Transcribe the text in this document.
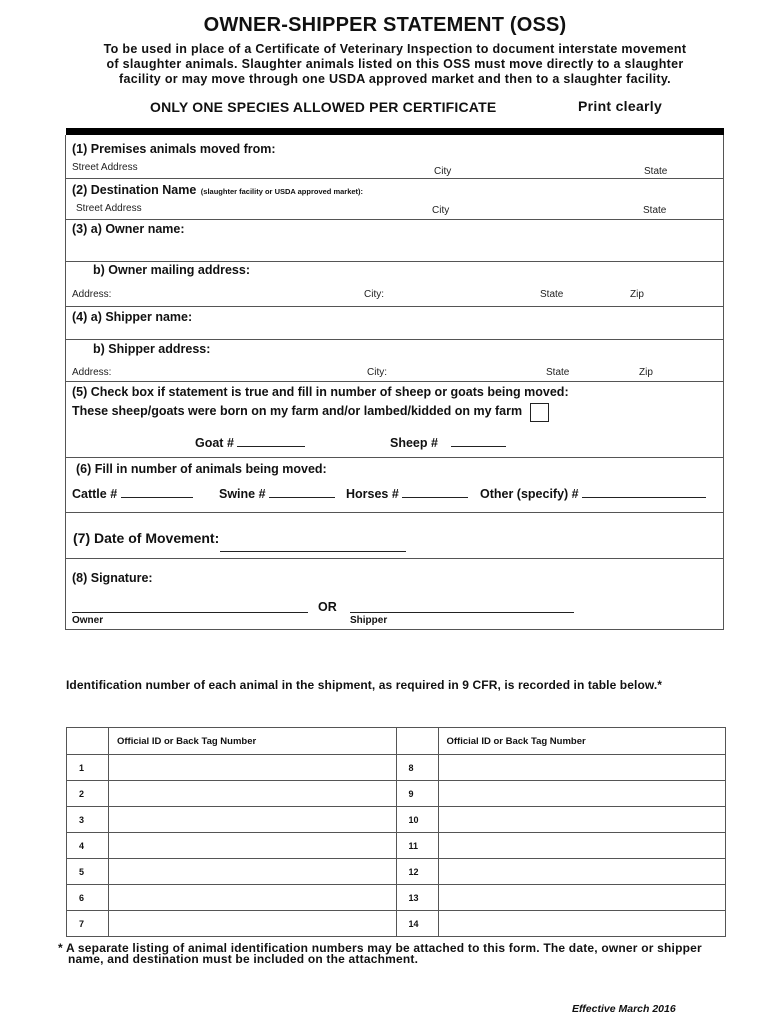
OWNER-SHIPPER STATEMENT (OSS)
To be used in place of a Certificate of Veterinary Inspection to document interstate movement
of slaughter animals. Slaughter animals listed on this OSS must move directly to a slaughter
facility or may move through one USDA approved market and then to a slaughter facility.
ONLY ONE SPECIES ALLOWED PER CERTIFICATE	Print clearly
(1) Premises animals moved from:
Street Address	City	State
(2) Destination Name (slaughter facility or USDA approved market):
Street Address	City	State
(3) a) Owner name:
b) Owner mailing address:
Address:	City:	State	Zip
(4) a) Shipper name:
b) Shipper address:
Address:	City:	State	Zip
(5) Check box if statement is true and fill in number of sheep or goats being moved:
These sheep/goats were born on my farm and/or lambed/kidded on my farm
Goat #	Sheep #
(6) Fill in number of animals being moved:
Cattle #	Swine #	Horses #	Other (specify) #
(7) Date of Movement:
(8) Signature:
OR
Owner	Shipper
Identification number of each animal in the shipment, as required in 9 CFR, is recorded in table below.*
	Official ID or Back Tag Number		Official ID or Back Tag Number
1		8	
2		9	
3		10	
4		11	
5		12	
6		13	
7		14	
* A separate listing of animal identification numbers may be attached to this form. The date, owner or shipper
name, and destination must be included on the attachment.
Effective March 2016
